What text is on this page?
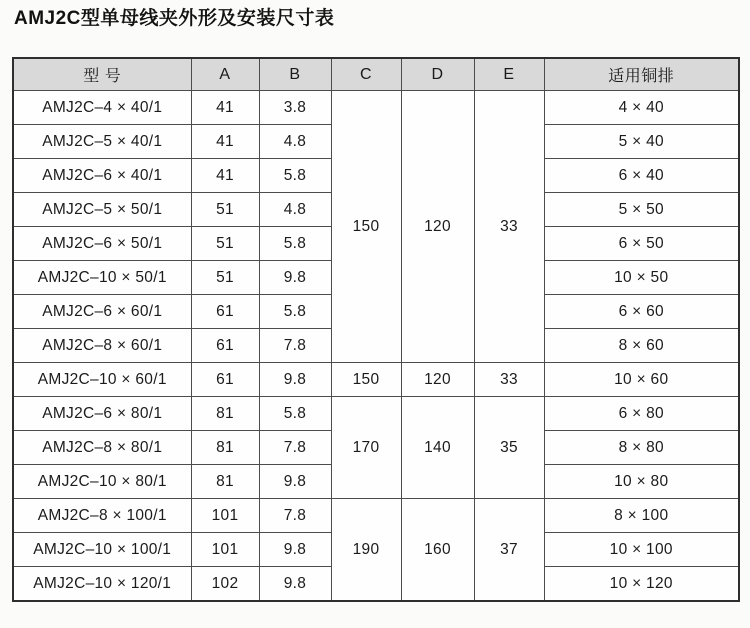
AMJ2C型单母线夹外形及安装尺寸表
型 号	A	B	C	D	E	适用铜排
AMJ2C–4 × 40/1	41	3.8	150	120	33	4 × 40
AMJ2C–5 × 40/1	41	4.8				5 × 40
AMJ2C–6 × 40/1	41	5.8				6 × 40
AMJ2C–5 × 50/1	51	4.8				5 × 50
AMJ2C–6 × 50/1	51	5.8				6 × 50
AMJ2C–10 × 50/1	51	9.8				10 × 50
AMJ2C–6 × 60/1	61	5.8				6 × 60
AMJ2C–8 × 60/1	61	7.8				8 × 60
AMJ2C–10 × 60/1	61	9.8	150	120	33	10 × 60
AMJ2C–6 × 80/1	81	5.8	170	140	35	6 × 80
AMJ2C–8 × 80/1	81	7.8				8 × 80
AMJ2C–10 × 80/1	81	9.8				10 × 80
AMJ2C–8 × 100/1	101	7.8	190	160	37	8 × 100
AMJ2C–10 × 100/1	101	9.8				10 × 100
AMJ2C–10 × 120/1	102	9.8				10 × 120
